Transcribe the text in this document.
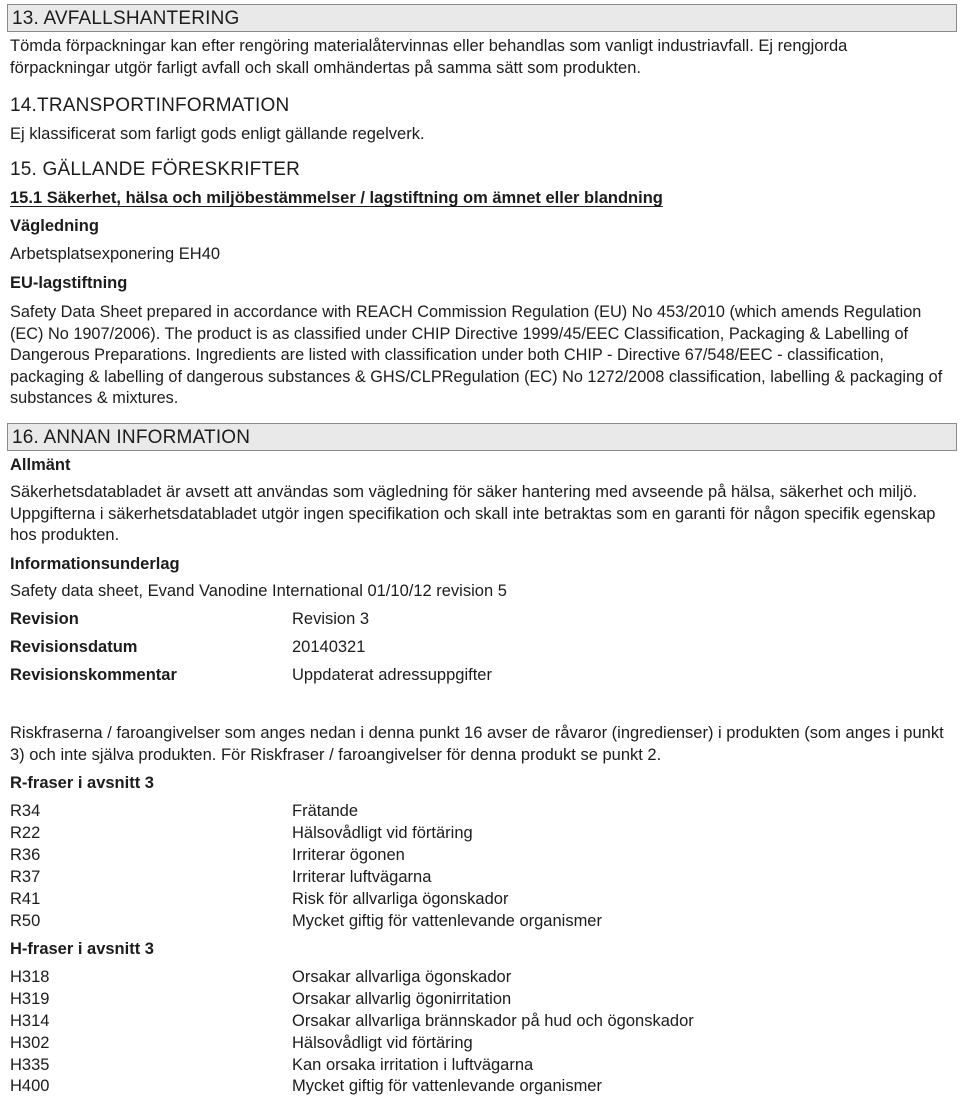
13. AVFALLSHANTERING

Tömda förpackningar kan efter rengöring materialåtervinnas eller behandlas som vanligt industriavfall. Ej rengjorda förpackningar utgör farligt avfall och skall omhändertas på samma sätt som produkten.

14.TRANSPORTINFORMATION
Ej klassificerat som farligt gods enligt gällande regelverk.
15. GÄLLANDE FÖRESKRIFTER
15.1 Säkerhet, hälsa och miljöbestämmelser / lagstiftning om ämnet eller blandning
Vägledning
Arbetsplatsexponering EH40
EU-lagstiftning

Safety Data Sheet prepared in accordance with REACH Commission Regulation (EU) No 453/2010 (which amends Regulation (EC) No 1907/2006). The product is as classified under CHIP Directive 1999/45/EEC Classification, Packaging & Labelling of Dangerous Preparations. Ingredients are listed with classification under both CHIP - Directive 67/548/EEC - classification, packaging & labelling of dangerous substances & GHS/CLPRegulation (EC) No 1272/2008 classification, labelling & packaging of substances & mixtures.

16. ANNAN INFORMATION
Allmänt

Säkerhetsdatabladet är avsett att användas som vägledning för säker hantering med avseende på hälsa, säkerhet och miljö. Uppgifterna i säkerhetsdatabladet utgör ingen specifikation och skall inte betraktas som en garanti för någon specifik egenskap hos produkten.

Informationsunderlag
Safety data sheet, Evand Vanodine International 01/10/12 revision 5
Revision	Revision 3
Revisionsdatum	20140321
Revisionskommentar	Uppdaterat adressuppgifter

Riskfraserna / faroangivelser som anges nedan i denna punkt 16 avser de råvaror (ingredienser) i produkten (som anges i punkt 3) och inte själva produkten. För Riskfraser / faroangivelser för denna produkt se punkt 2.

R-fraser i avsnitt 3
R34	Frätande
R22	Hälsovådligt vid förtäring
R36	Irriterar ögonen
R37	Irriterar luftvägarna
R41	Risk för allvarliga ögonskador
R50	Mycket giftig för vattenlevande organismer
H-fraser i avsnitt 3
H318	Orsakar allvarliga ögonskador
H319	Orsakar allvarlig ögonirritation
H314	Orsakar allvarliga brännskador på hud och ögonskador
H302	Hälsovådligt vid förtäring
H335	Kan orsaka irritation i luftvägarna
H400	Mycket giftig för vattenlevande organismer
